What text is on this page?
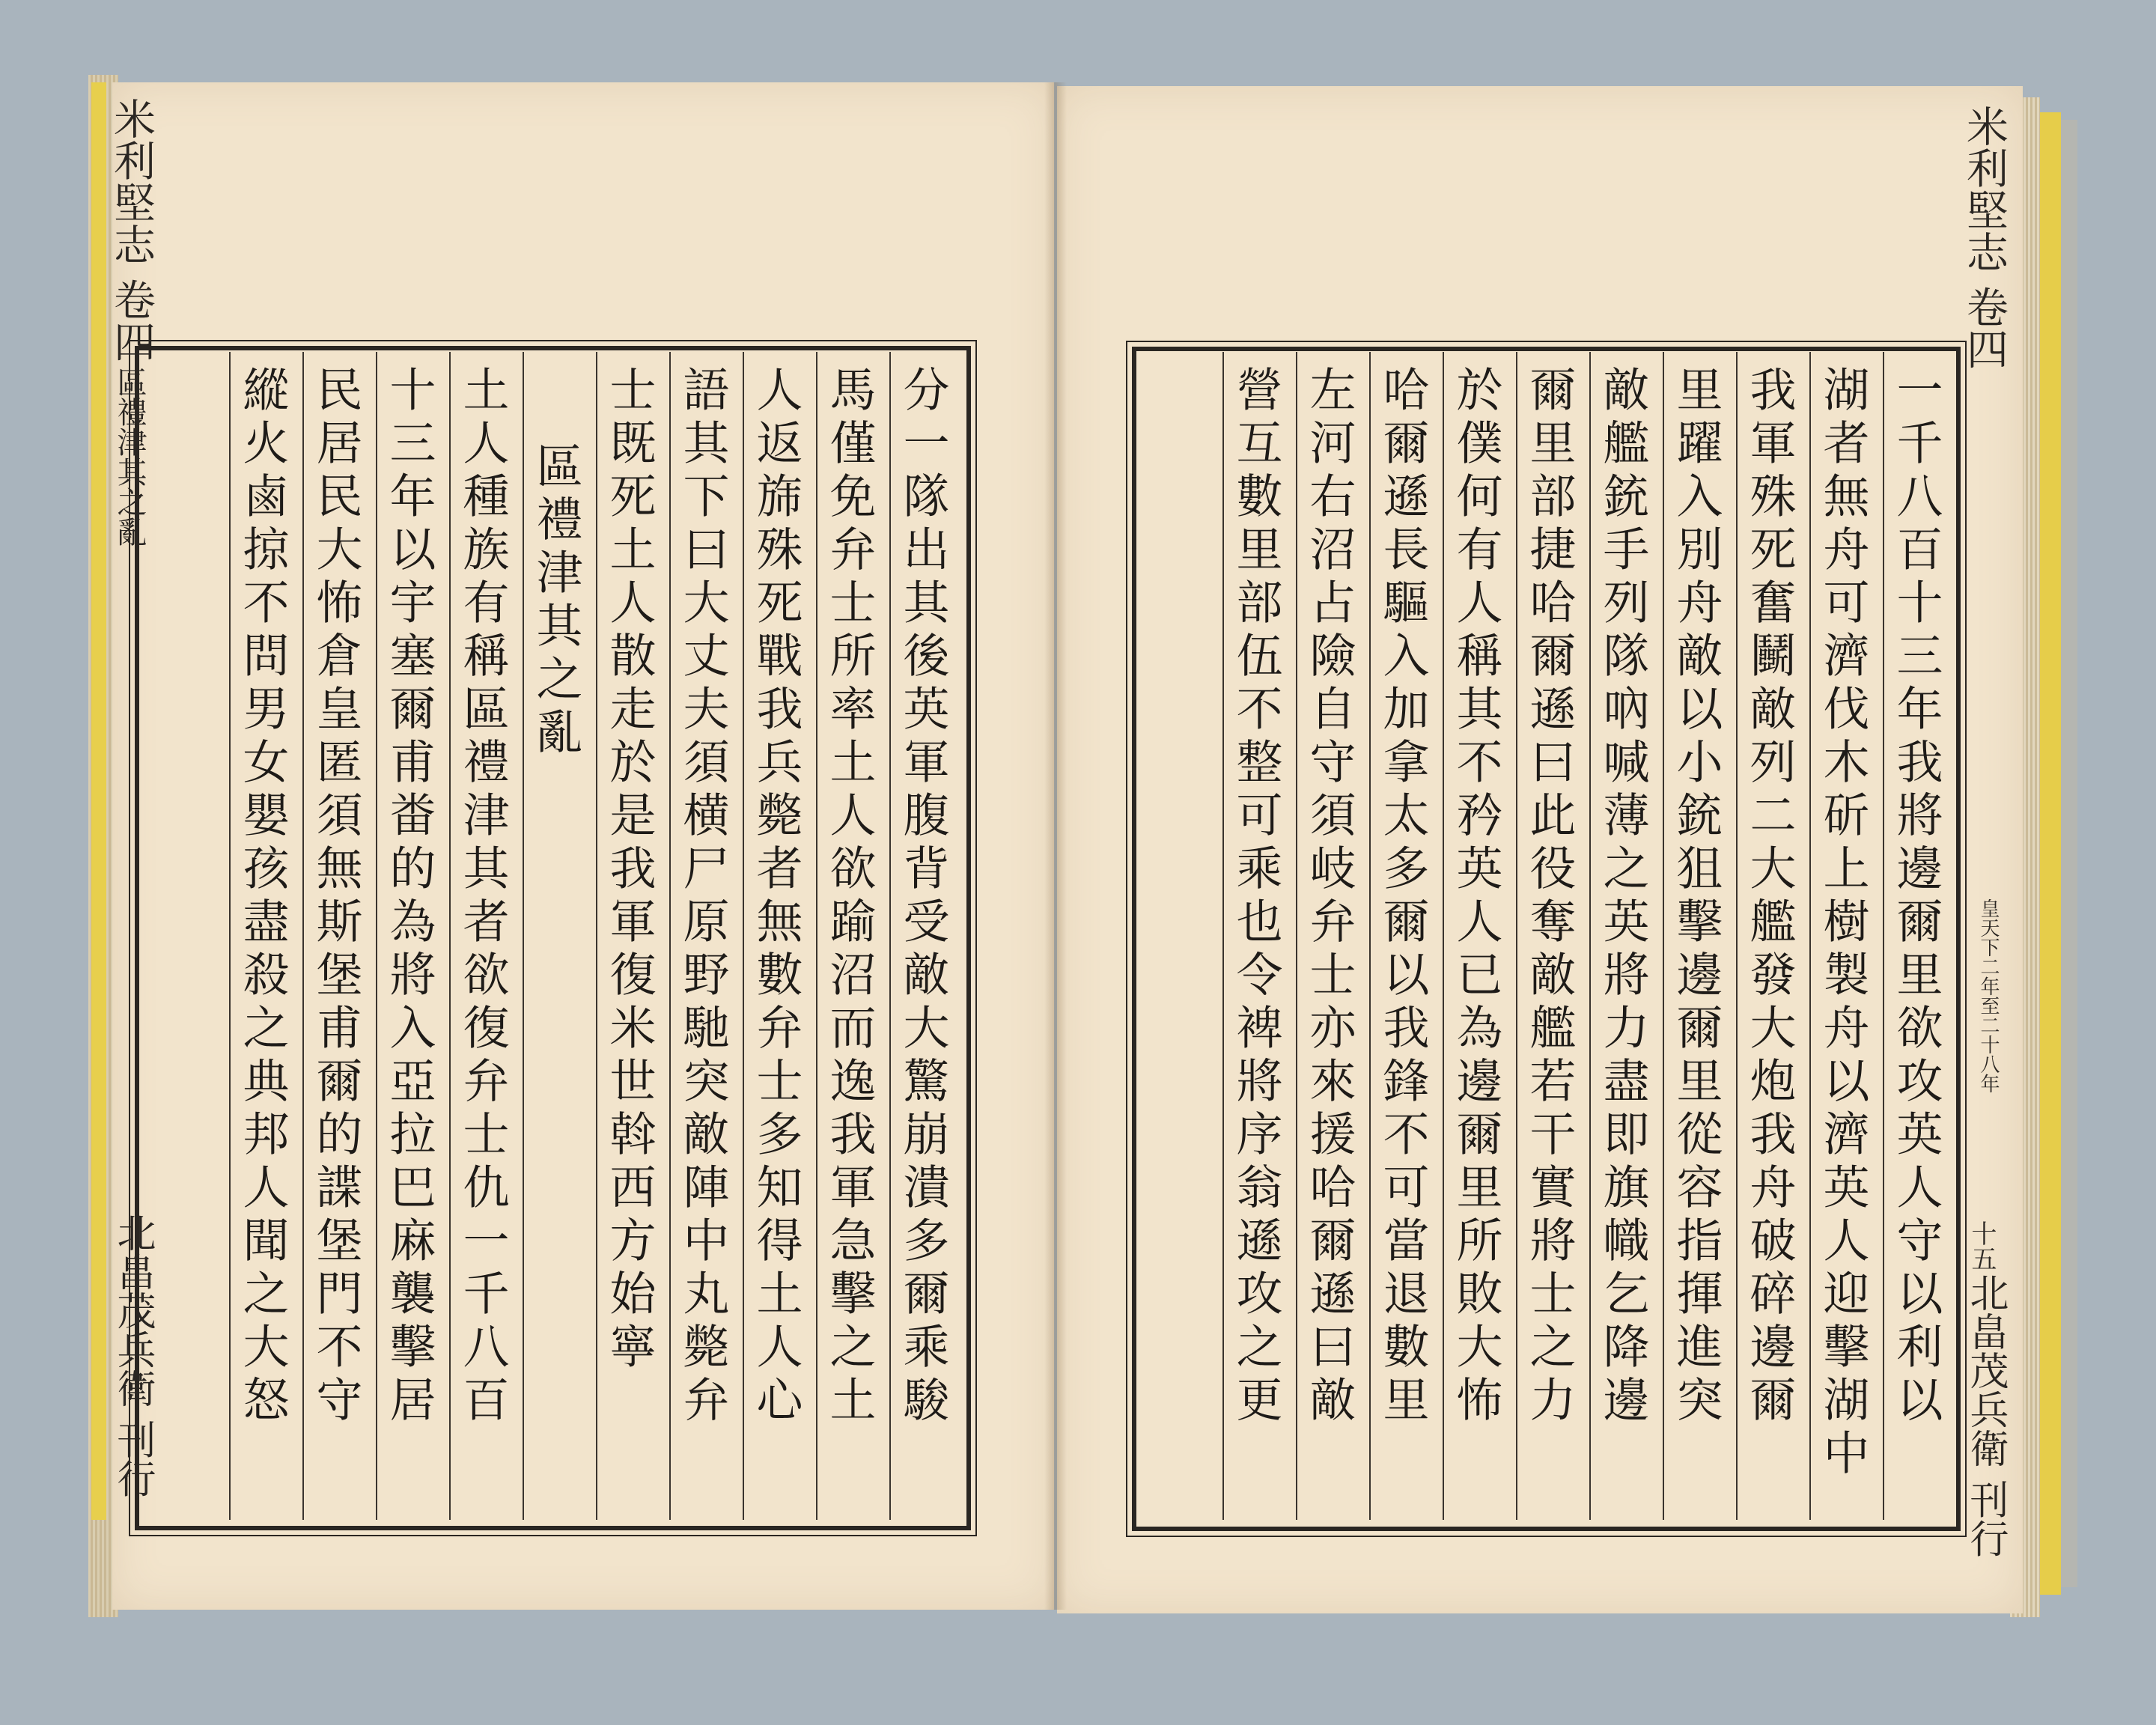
米利堅志 卷四
區禮津其之亂
北畠茂兵衛 刊行	分一隊出其後英軍腹背受敵大驚崩潰多爾乘駿
馬僅免弁士所率土人欲踰沼而逸我軍急擊之土
人返旆殊死戰我兵斃者無數弁士多知得土人心
語其下曰大丈夫須横尸原野馳突敵陣中丸斃弁
士既死土人散走於是我軍復米世斡西方始寧
區禮津其之亂
土人種族有稱區禮津其者欲復弁士仇一千八百
十三年以宇塞爾甫畨的為將入亞拉巴麻襲擊居
民居民大怖倉皇匿須無斯堡甫爾的諜堡門不守
縱火鹵掠不問男女嬰孩盡殺之典邦人聞之大怒
米利堅志 卷四
皇天下二年至二十八年
十五
北畠茂兵衛 刊行
一千八百十三年我將邊爾里欲攻英人守以利以
湖者無舟可濟伐木斫上樹製舟以濟英人迎擊湖中
我軍殊死奮鬭敵列二大艦發大炮我舟破碎邊爾
里躍入別舟敵以小銃狙擊邊爾里從容指揮進突
敵艦銃手列隊吶喊薄之英將力盡即旗幟乞降邊
爾里部捷哈爾遜曰此役奪敵艦若干實將士之力
於僕何有人稱其不矜英人已為邊爾里所敗大怖
哈爾遜長驅入加拿太多爾以我鋒不可當退數里
左河右沼占險自守須岐弁士亦來援哈爾遜曰敵
營互數里部伍不整可乘也令裨將序翁遜攻之更
